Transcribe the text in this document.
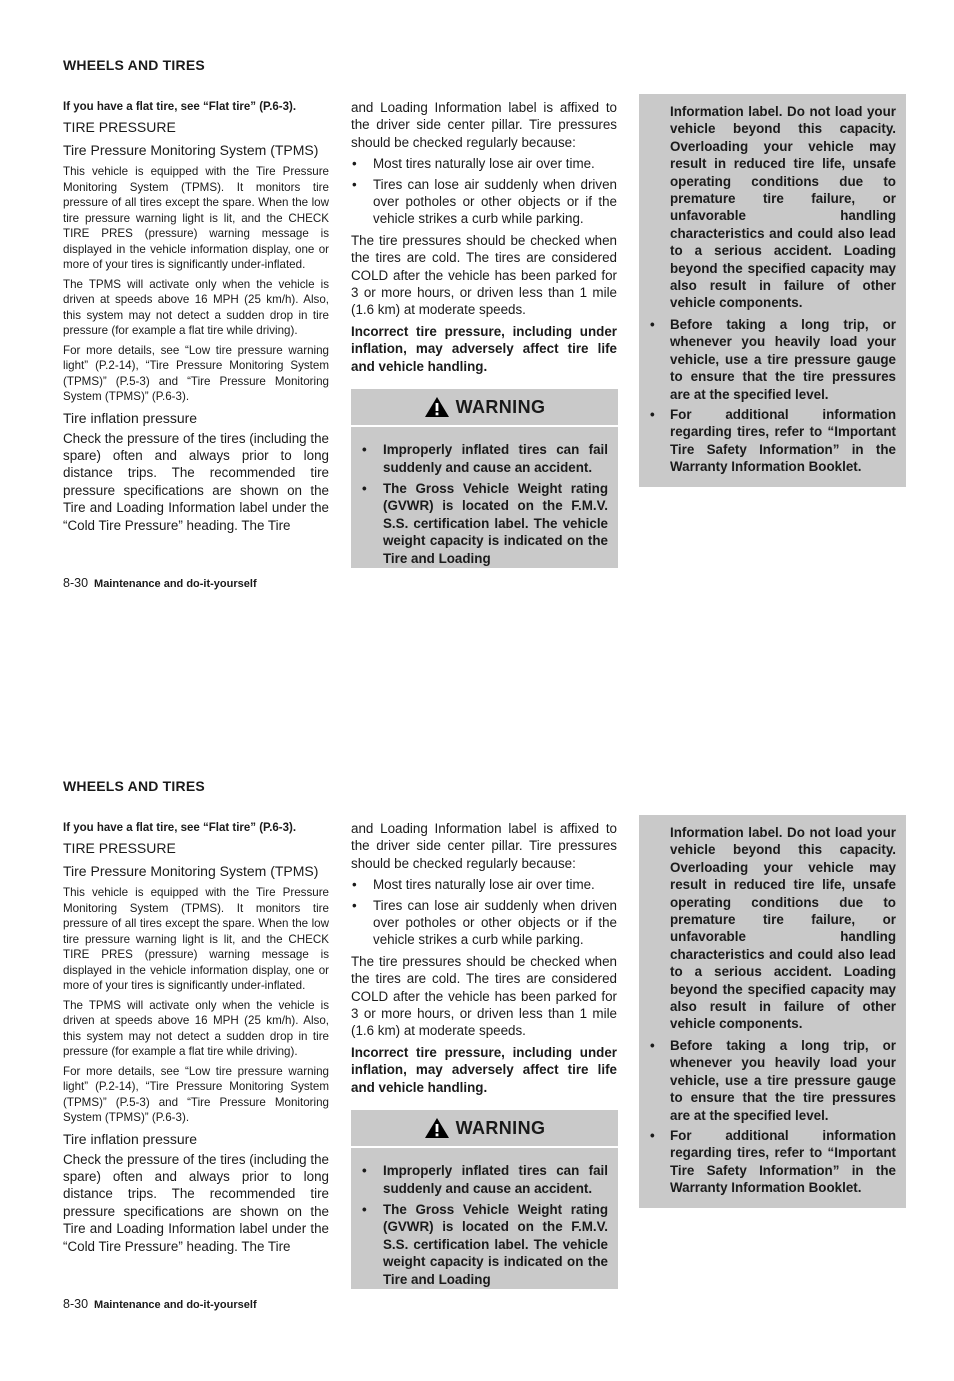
WHEELS AND TIRES

If you have a flat tire, see “Flat tire” (P.6-3).

TIRE PRESSURE

Tire Pressure Monitoring System (TPMS)

This vehicle is equipped with the Tire Pressure Monitoring System (TPMS). It monitors tire pressure of all tires except the spare. When the low tire pressure warning light is lit, and the CHECK TIRE PRES (pressure) warning message is displayed in the vehicle information display, one or more of your tires is significantly under-inflated.

The TPMS will activate only when the vehicle is driven at speeds above 16 MPH (25 km/h). Also, this system may not detect a sudden drop in tire pressure (for example a flat tire while driving).

For more details, see “Low tire pressure warning light” (P.2-14), “Tire Pressure Monitoring System (TPMS)” (P.5-3) and “Tire Pressure Monitoring System (TPMS)” (P.6-3).

Tire inflation pressure

Check the pressure of the tires (including the spare) often and always prior to long distance trips. The recommended tire pressure specifications are shown on the Tire and Loading Information label under the “Cold Tire Pressure” heading. The Tire

and Loading Information label is affixed to the driver side center pillar. Tire pressures should be checked regularly because:

• Most tires naturally lose air over time.
• Tires can lose air suddenly when driven over potholes or other objects or if the vehicle strikes a curb while parking.

The tire pressures should be checked when the tires are cold. The tires are considered COLD after the vehicle has been parked for 3 or more hours, or driven less than 1 mile (1.6 km) at moderate speeds.

Incorrect tire pressure, including under inflation, may adversely affect tire life and vehicle handling.

WARNING
• Improperly inflated tires can fail suddenly and cause an accident.
• The Gross Vehicle Weight rating (GVWR) is located on the F.M.V. S.S. certification label. The vehicle weight capacity is indicated on the Tire and Loading

Information label. Do not load your vehicle beyond this capacity. Overloading your vehicle may result in reduced tire life, unsafe operating conditions due to premature tire failure, or unfavorable handling characteristics and could also lead to a serious accident. Loading beyond the specified capacity may also result in failure of other vehicle components.

• Before taking a long trip, or whenever you heavily load your vehicle, use a tire pressure gauge to ensure that the tire pressures are at the specified level.
• For additional information regarding tires, refer to “Important Tire Safety Information” in the Warranty Information Booklet.
8-30 Maintenance and do-it-yourself
WHEELS AND TIRES

If you have a flat tire, see “Flat tire” (P.6-3).

TIRE PRESSURE

Tire Pressure Monitoring System (TPMS)

This vehicle is equipped with the Tire Pressure Monitoring System (TPMS). It monitors tire pressure of all tires except the spare. When the low tire pressure warning light is lit, and the CHECK TIRE PRES (pressure) warning message is displayed in the vehicle information display, one or more of your tires is significantly under-inflated.

The TPMS will activate only when the vehicle is driven at speeds above 16 MPH (25 km/h). Also, this system may not detect a sudden drop in tire pressure (for example a flat tire while driving).

For more details, see “Low tire pressure warning light” (P.2-14), “Tire Pressure Monitoring System (TPMS)” (P.5-3) and “Tire Pressure Monitoring System (TPMS)” (P.6-3).

Tire inflation pressure

Check the pressure of the tires (including the spare) often and always prior to long distance trips. The recommended tire pressure specifications are shown on the Tire and Loading Information label under the “Cold Tire Pressure” heading. The Tire

and Loading Information label is affixed to the driver side center pillar. Tire pressures should be checked regularly because:

• Most tires naturally lose air over time.
• Tires can lose air suddenly when driven over potholes or other objects or if the vehicle strikes a curb while parking.

The tire pressures should be checked when the tires are cold. The tires are considered COLD after the vehicle has been parked for 3 or more hours, or driven less than 1 mile (1.6 km) at moderate speeds.

Incorrect tire pressure, including under inflation, may adversely affect tire life and vehicle handling.

WARNING
• Improperly inflated tires can fail suddenly and cause an accident.
• The Gross Vehicle Weight rating (GVWR) is located on the F.M.V. S.S. certification label. The vehicle weight capacity is indicated on the Tire and Loading

Information label. Do not load your vehicle beyond this capacity. Overloading your vehicle may result in reduced tire life, unsafe operating conditions due to premature tire failure, or unfavorable handling characteristics and could also lead to a serious accident. Loading beyond the specified capacity may also result in failure of other vehicle components.

• Before taking a long trip, or whenever you heavily load your vehicle, use a tire pressure gauge to ensure that the tire pressures are at the specified level.
• For additional information regarding tires, refer to “Important Tire Safety Information” in the Warranty Information Booklet.
8-30 Maintenance and do-it-yourself
